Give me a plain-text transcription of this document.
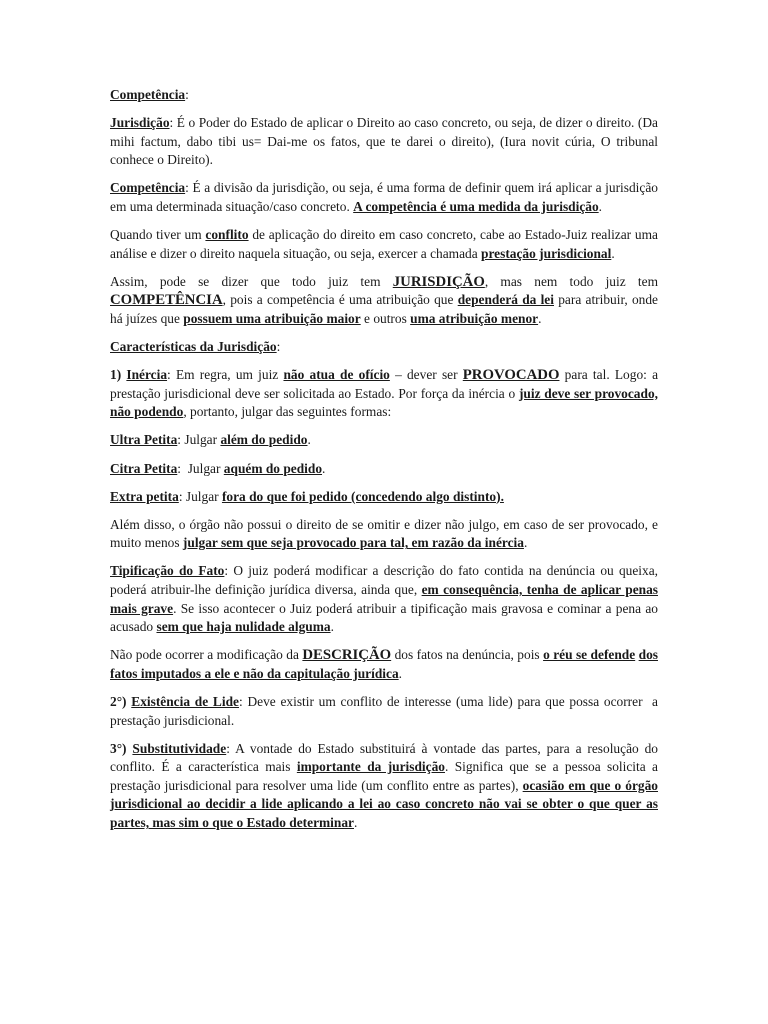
Competência:

Jurisdição: É o Poder do Estado de aplicar o Direito ao caso concreto, ou seja, de dizer o direito. (Da mihi factum, dabo tibi us= Dai-me os fatos, que te darei o direito), (Iura novit cúria, O tribunal conhece o Direito).

Competência: É a divisão da jurisdição, ou seja, é uma forma de definir quem irá aplicar a jurisdição em uma determinada situação/caso concreto. A competência é uma medida da jurisdição.

Quando tiver um conflito de aplicação do direito em caso concreto, cabe ao Estado-Juiz realizar uma análise e dizer o direito naquela situação, ou seja, exercer a chamada prestação jurisdicional.

Assim, pode se dizer que todo juiz tem JURISDIÇÃO, mas nem todo juiz tem COMPETÊNCIA, pois a competência é uma atribuição que dependerá da lei para atribuir, onde há juízes que possuem uma atribuição maior e outros uma atribuição menor.

Características da Jurisdição:

1) Inércia: Em regra, um juiz não atua de ofício – dever ser PROVOCADO para tal. Logo: a prestação jurisdicional deve ser solicitada ao Estado. Por força da inércia o juiz deve ser provocado, não podendo, portanto, julgar das seguintes formas:

Ultra Petita: Julgar além do pedido.

Citra Petita:  Julgar aquém do pedido.

Extra petita: Julgar fora do que foi pedido (concedendo algo distinto).

Além disso, o órgão não possui o direito de se omitir e dizer não julgo, em caso de ser provocado, e muito menos julgar sem que seja provocado para tal, em razão da inércia.

Tipificação do Fato: O juiz poderá modificar a descrição do fato contida na denúncia ou queixa, poderá atribuir-lhe definição jurídica diversa, ainda que, em consequência, tenha de aplicar penas mais grave. Se isso acontecer o Juiz poderá atribuir a tipificação mais gravosa e cominar a pena ao acusado sem que haja nulidade alguma.

Não pode ocorrer a modificação da DESCRIÇÃO dos fatos na denúncia, pois o réu se defende dos fatos imputados a ele e não da capitulação jurídica.

2°) Existência de Lide: Deve existir um conflito de interesse (uma lide) para que possa ocorrer  a prestação jurisdicional.

3°) Substitutividade: A vontade do Estado substituirá à vontade das partes, para a resolução do conflito. É a característica mais importante da jurisdição. Significa que se a pessoa solicita a prestação jurisdicional para resolver uma lide (um conflito entre as partes), ocasião em que o órgão jurisdicional ao decidir a lide aplicando a lei ao caso concreto não vai se obter o que quer as partes, mas sim o que o Estado determinar.
